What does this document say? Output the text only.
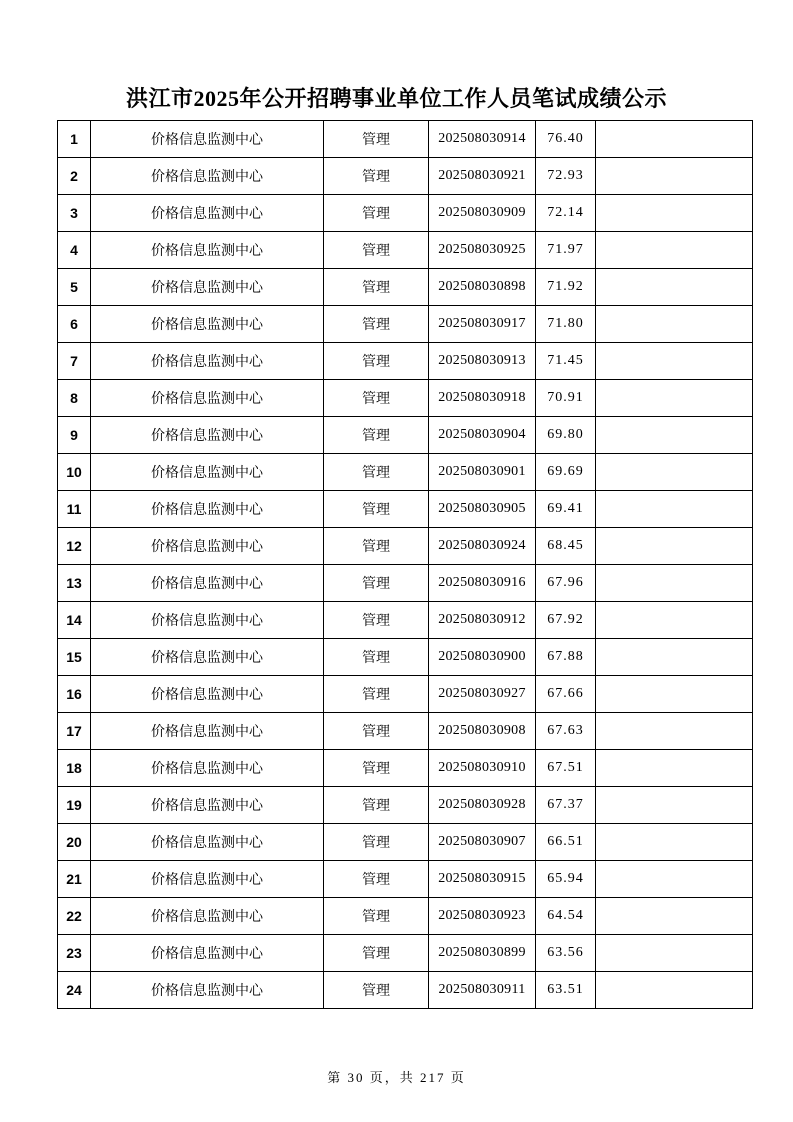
洪江市2025年公开招聘事业单位工作人员笔试成绩公示
1	价格信息监测中心	管理	202508030914	76.40	
2	价格信息监测中心	管理	202508030921	72.93	
3	价格信息监测中心	管理	202508030909	72.14	
4	价格信息监测中心	管理	202508030925	71.97	
5	价格信息监测中心	管理	202508030898	71.92	
6	价格信息监测中心	管理	202508030917	71.80	
7	价格信息监测中心	管理	202508030913	71.45	
8	价格信息监测中心	管理	202508030918	70.91	
9	价格信息监测中心	管理	202508030904	69.80	
10	价格信息监测中心	管理	202508030901	69.69	
11	价格信息监测中心	管理	202508030905	69.41	
12	价格信息监测中心	管理	202508030924	68.45	
13	价格信息监测中心	管理	202508030916	67.96	
14	价格信息监测中心	管理	202508030912	67.92	
15	价格信息监测中心	管理	202508030900	67.88	
16	价格信息监测中心	管理	202508030927	67.66	
17	价格信息监测中心	管理	202508030908	67.63	
18	价格信息监测中心	管理	202508030910	67.51	
19	价格信息监测中心	管理	202508030928	67.37	
20	价格信息监测中心	管理	202508030907	66.51	
21	价格信息监测中心	管理	202508030915	65.94	
22	价格信息监测中心	管理	202508030923	64.54	
23	价格信息监测中心	管理	202508030899	63.56	
24	价格信息监测中心	管理	202508030911	63.51	
第 30 页，共 217 页
